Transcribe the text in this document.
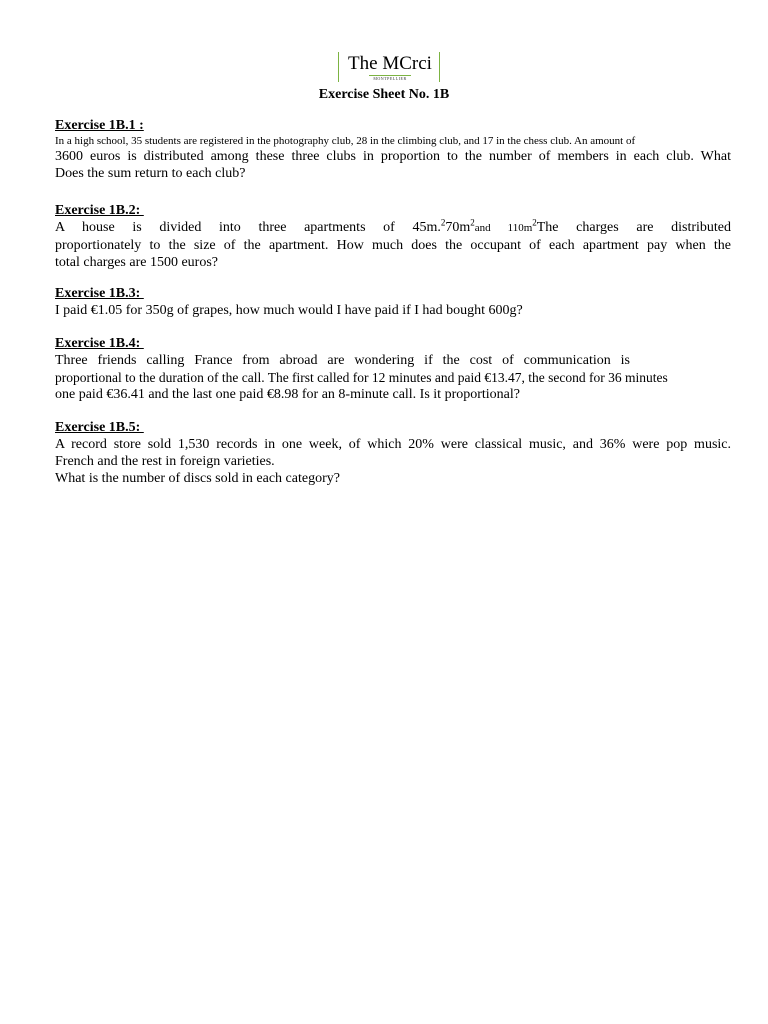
The MCrci
MONTPELLIER
Exercise Sheet No. 1B
Exercise 1B.1 :
In a high school, 35 students are registered in the photography club, 28 in the climbing club, and 17 in the chess club. An amount of
3600 euros is distributed among these three clubs in proportion to the number of members in each club. What
Does the sum return to each club?
Exercise 1B.2:
A house is divided into three apartments of $45m.^270m^2and$ $110m^2The$ charges are distributed
proportionately to the size of the apartment. How much does the occupant of each apartment pay when the
total charges are 1500 euros?
Exercise 1B.3:
I paid €1.05 for 350g of grapes, how much would I have paid if I had bought 600g?
Exercise 1B.4:
Three friends calling France from abroad are wondering if the cost of communication is
proportional to the duration of the call. The first called for 12 minutes and paid €13.47, the second for 36 minutes
one paid €36.41 and the last one paid €8.98 for an 8-minute call. Is it proportional?
Exercise 1B.5:
A record store sold 1,530 records in one week, of which 20% were classical music, and 36% were pop music.
French and the rest in foreign varieties.
What is the number of discs sold in each category?
